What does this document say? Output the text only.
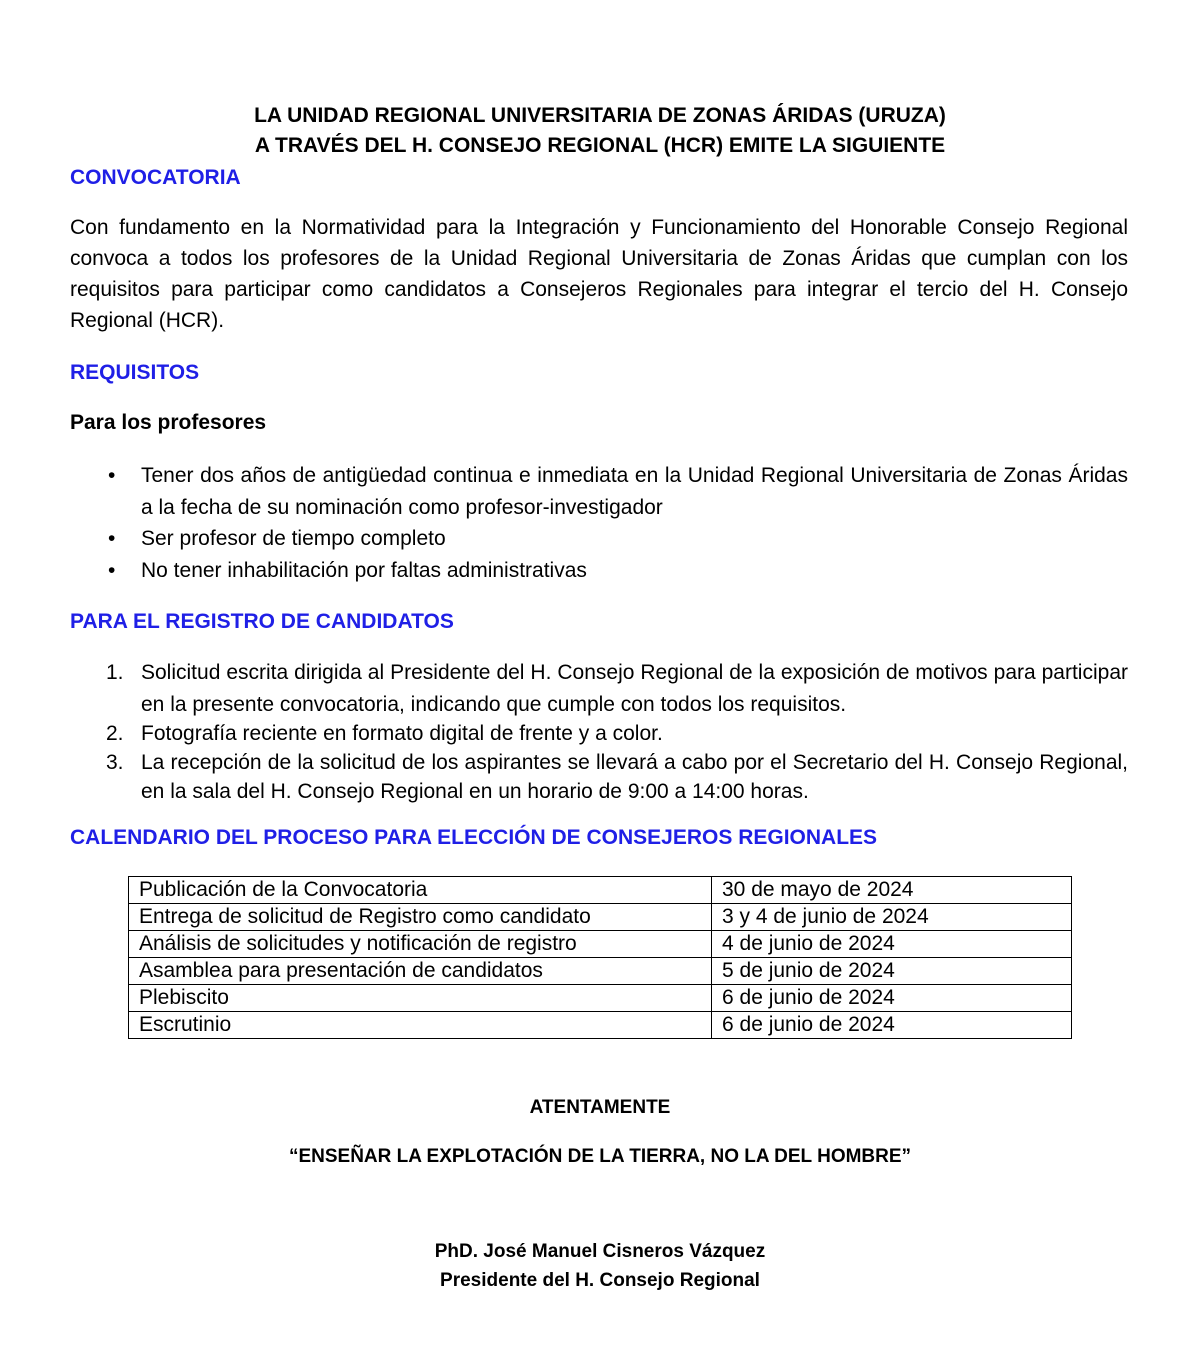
LA UNIDAD REGIONAL UNIVERSITARIA DE ZONAS ÁRIDAS (URUZA)
A TRAVÉS DEL H. CONSEJO REGIONAL (HCR) EMITE LA SIGUIENTE
CONVOCATORIA
Con fundamento en la Normatividad para la Integración y Funcionamiento del Honorable Consejo Regional convoca a todos los profesores de la Unidad Regional Universitaria de Zonas Áridas que cumplan con los requisitos para participar como candidatos a Consejeros Regionales para integrar el tercio del H. Consejo Regional (HCR).
REQUISITOS
Para los profesores
• Tener dos años de antigüedad continua e inmediata en la Unidad Regional Universitaria de Zonas Áridas a la fecha de su nominación como profesor-investigador
• Ser profesor de tiempo completo
• No tener inhabilitación por faltas administrativas
PARA EL REGISTRO DE CANDIDATOS
1. Solicitud escrita dirigida al Presidente del H. Consejo Regional de la exposición de motivos para participar en la presente convocatoria, indicando que cumple con todos los requisitos.
2. Fotografía reciente en formato digital de frente y a color.
3. La recepción de la solicitud de los aspirantes se llevará a cabo por el Secretario del H. Consejo Regional, en la sala del H. Consejo Regional en un horario de 9:00 a 14:00 horas.
CALENDARIO DEL PROCESO PARA ELECCIÓN DE CONSEJEROS REGIONALES
Publicación de la Convocatoria	30 de mayo de 2024
Entrega de solicitud de Registro como candidato	3 y 4 de junio de 2024
Análisis de solicitudes y notificación de registro	4 de junio de 2024
Asamblea para presentación de candidatos	5 de junio de 2024
Plebiscito	6 de junio de 2024
Escrutinio	6 de junio de 2024
ATENTAMENTE
“ENSEÑAR LA EXPLOTACIÓN DE LA TIERRA, NO LA DEL HOMBRE”
PhD. José Manuel Cisneros Vázquez
Presidente del H. Consejo Regional
